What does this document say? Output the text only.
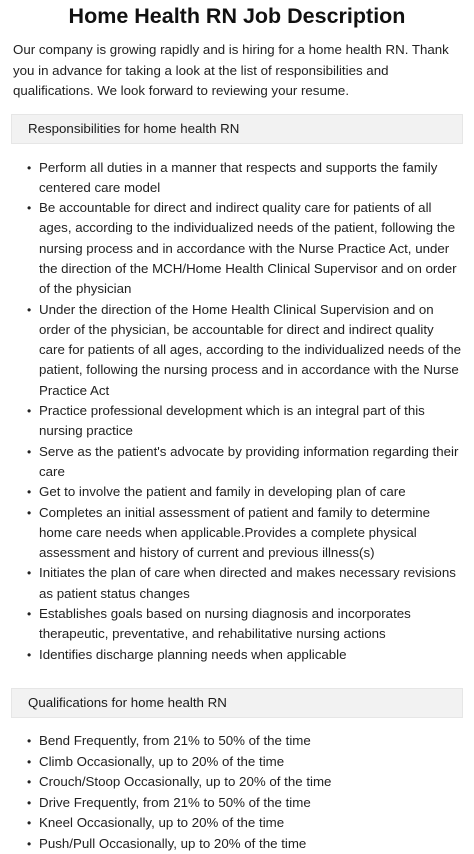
Home Health RN Job Description

Our company is growing rapidly and is hiring for a home health RN. Thank you in advance for taking a look at the list of responsibilities and qualifications. We look forward to reviewing your resume.

Responsibilities for home health RN
• Perform all duties in a manner that respects and supports the family centered care model
• Be accountable for direct and indirect quality care for patients of all ages, according to the individualized needs of the patient, following the nursing process and in accordance with the Nurse Practice Act, under the direction of the MCH/Home Health Clinical Supervisor and on order of the physician
• Under the direction of the Home Health Clinical Supervision and on order of the physician, be accountable for direct and indirect quality care for patients of all ages, according to the individualized needs of the patient, following the nursing process and in accordance with the Nurse Practice Act
• Practice professional development which is an integral part of this nursing practice
• Serve as the patient's advocate by providing information regarding their care
• Get to involve the patient and family in developing plan of care
• Completes an initial assessment of patient and family to determine home care needs when applicable.Provides a complete physical assessment and history of current and previous illness(s)
• Initiates the plan of care when directed and makes necessary revisions as patient status changes
• Establishes goals based on nursing diagnosis and incorporates therapeutic, preventative, and rehabilitative nursing actions
• Identifies discharge planning needs when applicable
Qualifications for home health RN
• Bend Frequently, from 21% to 50% of the time
• Climb Occasionally, up to 20% of the time
• Crouch/Stoop Occasionally, up to 20% of the time
• Drive Frequently, from 21% to 50% of the time
• Kneel Occasionally, up to 20% of the time
• Push/Pull Occasionally, up to 20% of the time
